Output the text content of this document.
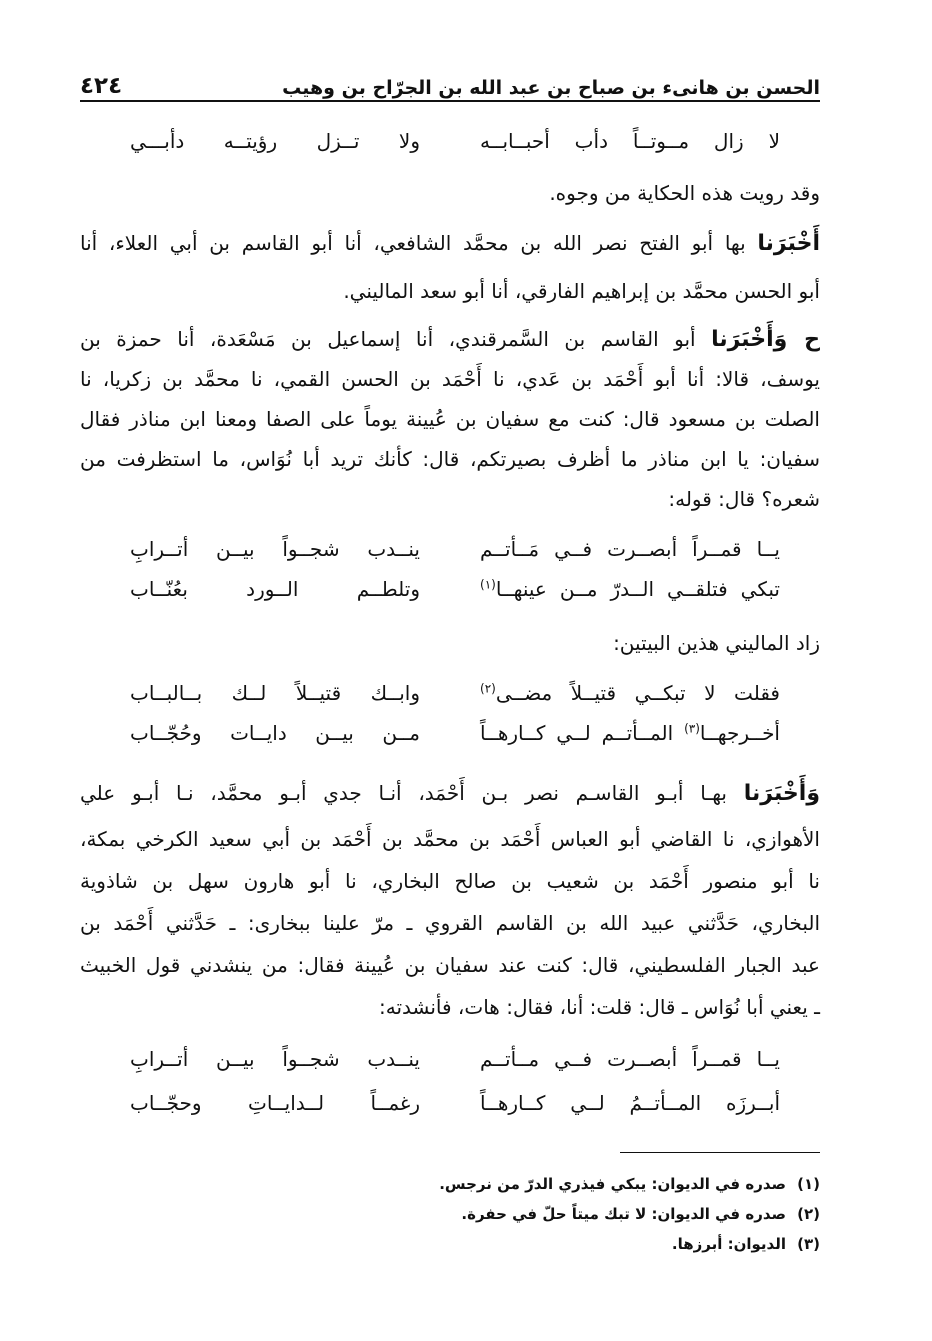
الحسن بن هانىء بن صباح بن عبد الله بن الجرّاح بن وهيب
٤٢٤
لا زال مــوتــاً دأب أحبــابــه
ولا تــزل رؤيتــه دأبـــي
وقد رويت هذه الحكاية من وجوه.
أَخْبَرَنا بها أبو الفتح نصر الله بن محمَّد الشافعي، أنا أبو القاسم بن أبي العلاء، أنا
أبو الحسن محمَّد بن إبراهيم الفارقي، أنا أبو سعد الماليني.
ح وَأَخْبَرَنا أبو القاسم بن السَّمرقندي، أنا إسماعيل بن مَسْعَدة، أنا حمزة بن
يوسف، قالا: أنا أبو أَحْمَد بن عَدي، نا أَحْمَد بن الحسن القمي، نا محمَّد بن زكريا، نا
الصلت بن مسعود قال: كنت مع سفيان بن عُيينة يوماً على الصفا ومعنا ابن مناذر فقال
سفيان: يا ابن مناذر ما أظرف بصيرتكم، قال: كأنك تريد أبا نُوَاس، ما استظرفت من
شعره؟ قال: قوله:
يــا قمــراً أبصــرت فــي مَــأتــم
ينــدب شجــواً بيــن أتــرابِ
تبكي فتلقــي الــدرّ مــن عينهــا$^{(١)}$
وتلطــم الــورد بعُنّــاب
زاد الماليني هذين البيتين:
فقلت لا تبكــي قتيــلاً مضــى$^{(٢)}$
وابــك قتيــلاً لــك بــالبــاب
أخــرجهــا$^{(٣)}$ المــأتــم لــي كــارهــاً
مــن بيــن دايــات وحُجّــاب
وَأَخْبَرَنا بهـا أبـو القاسـم نصر بـن أَحْمَد، أنـا جدي أبـو محمَّد، نـا أبـو علي
الأهوازي، نا القاضي أبو العباس أَحْمَد بن محمَّد بن أَحْمَد بن أبي سعيد الكرخي بمكة،
نا أبو منصور أَحْمَد بن شعيب بن صالح البخاري، نا أبو هارون سهل بن شاذوية
البخاري، حَدَّثني عبيد الله بن القاسم القروي ـ مرّ علينا ببخارى: ـ حَدَّثني أَحْمَد بن
عبد الجبار الفلسطيني، قال: كنت عند سفيان بن عُيينة فقال: من ينشدني قول الخبيث
ـ يعني أبا نُوَاس ـ قال: قلت: أنا، فقال: هات، فأنشدته:
يــا قمــراً أبصــرت فــي مــأتــم
ينــدب شجــواً بيــن أتــرابِ
أبــرزَه المــأتــمُ لــي كــارهــاً
رغمــاً لــدايــاتِ وحجّــاب
(١)صدره في الديوان: يبكي فيذري الدرّ من نرجس.
(٢)صدره في الديوان: لا تبك ميتاً حلّ في حفرة.
(٣)الديوان: أبرزها.
